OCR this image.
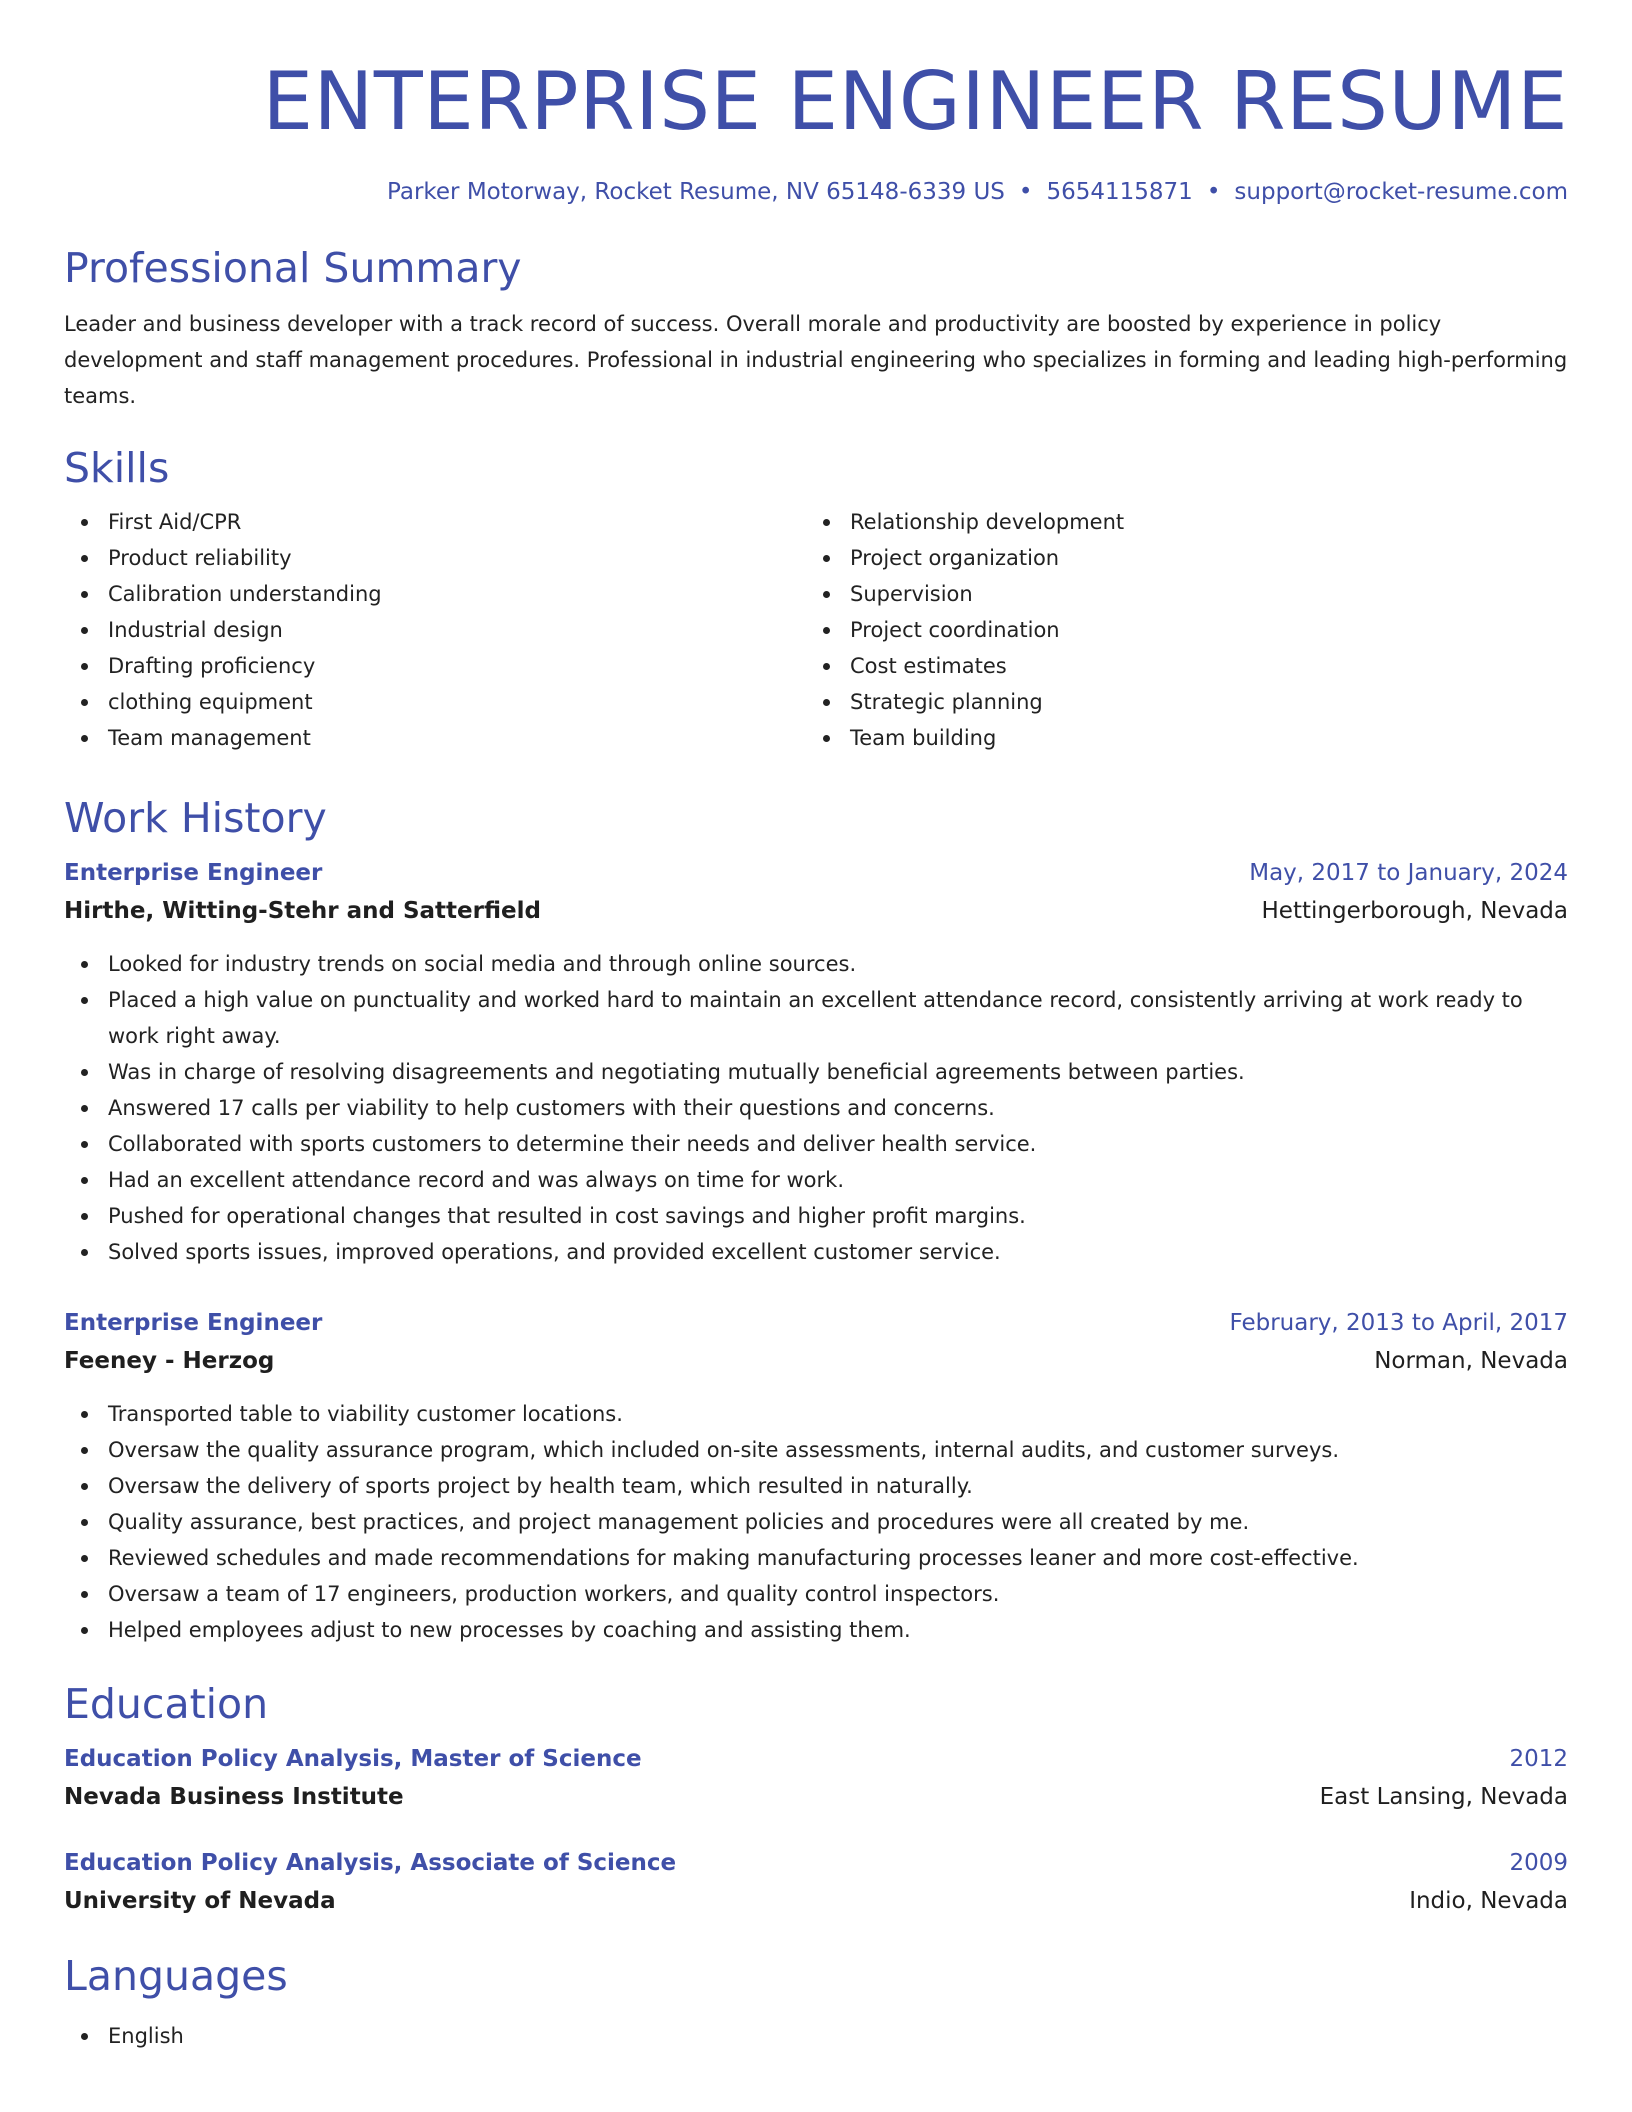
ENTERPRISE ENGINEER RESUME
Parker Motorway, Rocket Resume, NV 65148-6339 US • 5654115871 • support@rocket-resume.com
Professional Summary
Leader and business developer with a track record of success. Overall morale and productivity are boosted by experience in policy development and staff management procedures. Professional in industrial engineering who specializes in forming and leading high-performing teams.
Skills
First Aid/CPR
Product reliability
Calibration understanding
Industrial design
Drafting proficiency
clothing equipment
Team management
Relationship development
Project organization
Supervision
Project coordination
Cost estimates
Strategic planning
Team building
Work History
Enterprise Engineer	May, 2017 to January, 2024
Hirthe, Witting-Stehr and Satterfield	Hettingerborough, Nevada
Looked for industry trends on social media and through online sources.
Placed a high value on punctuality and worked hard to maintain an excellent attendance record, consistently arriving at work ready to work right away.
Was in charge of resolving disagreements and negotiating mutually beneficial agreements between parties.
Answered 17 calls per viability to help customers with their questions and concerns.
Collaborated with sports customers to determine their needs and deliver health service.
Had an excellent attendance record and was always on time for work.
Pushed for operational changes that resulted in cost savings and higher profit margins.
Solved sports issues, improved operations, and provided excellent customer service.
Enterprise Engineer	February, 2013 to April, 2017
Feeney - Herzog	Norman, Nevada
Transported table to viability customer locations.
Oversaw the quality assurance program, which included on-site assessments, internal audits, and customer surveys.
Oversaw the delivery of sports project by health team, which resulted in naturally.
Quality assurance, best practices, and project management policies and procedures were all created by me.
Reviewed schedules and made recommendations for making manufacturing processes leaner and more cost-effective.
Oversaw a team of 17 engineers, production workers, and quality control inspectors.
Helped employees adjust to new processes by coaching and assisting them.
Education
Education Policy Analysis, Master of Science	2012
Nevada Business Institute	East Lansing, Nevada
Education Policy Analysis, Associate of Science	2009
University of Nevada	Indio, Nevada
Languages
English
